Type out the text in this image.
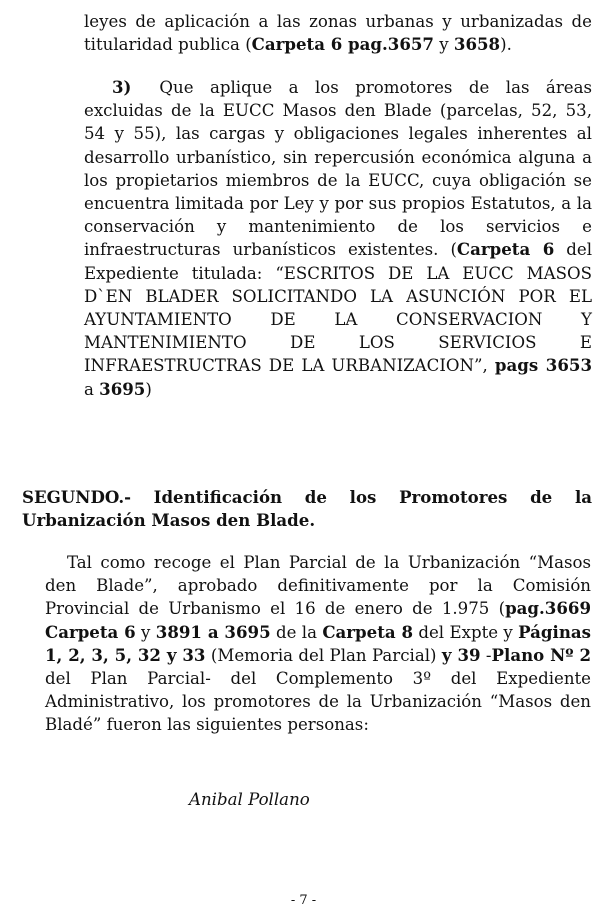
leyes de aplicación a las zonas urbanas y urbanizadas de titularidad publica (Carpeta 6 pag.3657 y 3658).
3) Que aplique a los promotores de las áreas excluidas de la EUCC Masos den Blade (parcelas, 52, 53, 54 y 55), las cargas y obligaciones legales inherentes al desarrollo urbanístico, sin repercusión económica alguna a los propietarios miembros de la EUCC, cuya obligación se encuentra limitada por Ley y por sus propios Estatutos, a la conservación y mantenimiento de los servicios e infraestructuras urbanísticos existentes. (Carpeta 6 del Expediente titulada: “ESCRITOS DE LA EUCC MASOS D`EN BLADER SOLICITANDO LA ASUNCIÓN POR EL AYUNTAMIENTO DE LA CONSERVACION Y MANTENIMIENTO DE LOS SERVICIOS E INFRAESTRUCTRAS DE LA URBANIZACION”, pags 3653 a 3695)
SEGUNDO.- Identificación de los Promotores de la Urbanización Masos den Blade.
Tal como recoge el Plan Parcial de la Urbanización “Masos den Blade”, aprobado definitivamente por la Comisión Provincial de Urbanismo el 16 de enero de 1.975 (pag.3669 Carpeta 6 y 3891 a 3695 de la Carpeta 8 del Expte y Páginas 1, 2, 3, 5, 32 y 33 (Memoria del Plan Parcial) y 39 -Plano Nº 2 del Plan Parcial- del Complemento 3º del Expediente Administrativo, los promotores de la Urbanización “Masos den Bladé” fueron las siguientes personas:
Anibal Pollano
- 7 -
